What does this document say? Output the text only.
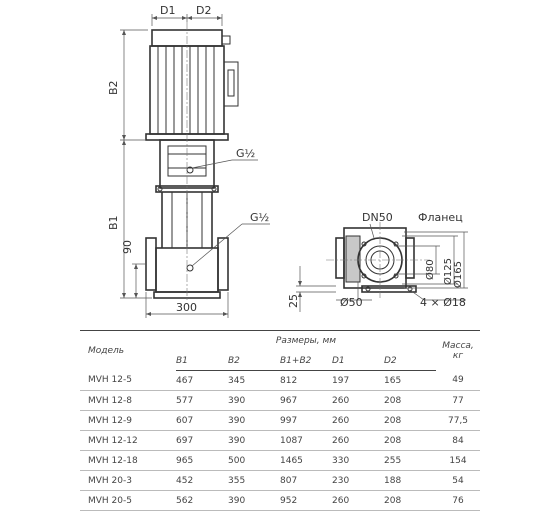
D1 D2
B2
B1
90
300
G½
G½	DN50 Фланец
Ø80 Ø125 Ø165
25	Ø50	4 × Ø18
Модель	Размеры, мм					Масса, кг
	B1	B2	B1+B2	D1	D2	
MVH 12-5	467	345	812	197	165	49
MVH 12-8	577	390	967	260	208	77
MVH 12-9	607	390	997	260	208	77,5
MVH 12-12	697	390	1087	260	208	84
MVH 12-18	965	500	1465	330	255	154
MVH 20-3	452	355	807	230	188	54
MVH 20-5	562	390	952	260	208	76
